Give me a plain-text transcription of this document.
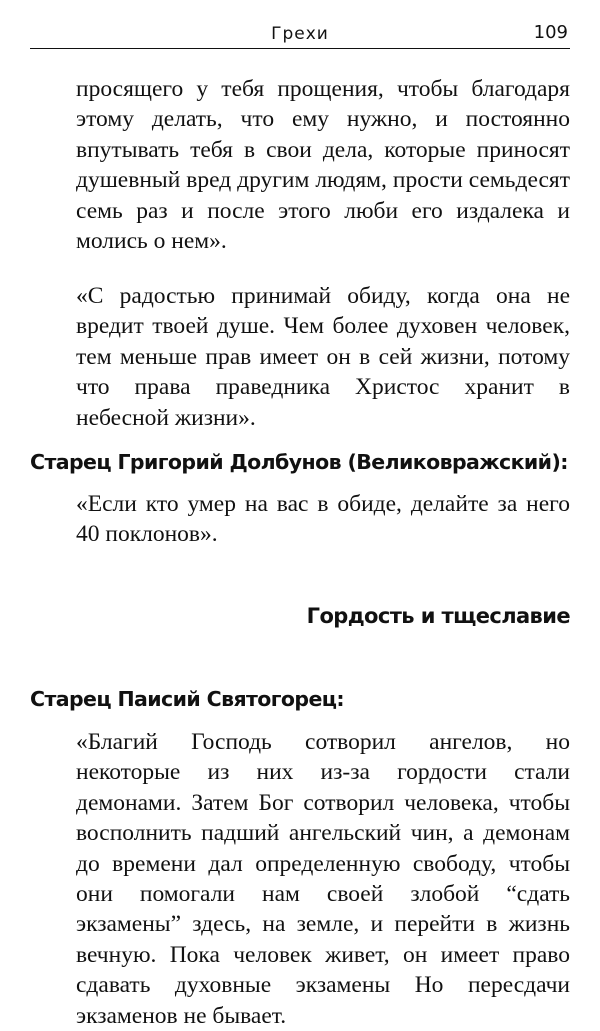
Грехи	109

просящего у тебя прощения, чтобы благодаря этому делать, что ему нужно, и постоянно впутывать тебя в свои дела, которые приносят душевный вред другим людям, прости семьдесят семь раз и после этого люби его издалека и молись о нем».

«С радостью принимай обиду, когда она не вредит твоей душе. Чем более духовен человек, тем меньше прав имеет он в сей жизни, потому что права праведника Христос хранит в небесной жизни».

Старец Григорий Долбунов (Великовражский):

«Если кто умер на вас в обиде, делайте за него 40 поклонов».

Гордость и тщеславие
Старец Паисий Святогорец:

«Благий Господь сотворил ангелов, но некоторые из них из-за гордости стали демонами. Затем Бог сотворил человека, чтобы восполнить падший ангельский чин, а демонам до времени дал определенную свободу, чтобы они помогали нам своей злобой “сдать экзамены” здесь, на земле, и перейти в жизнь вечную. Пока человек живет, он имеет право сдавать духовные экзамены Но пересдачи экзаменов не бывает.
